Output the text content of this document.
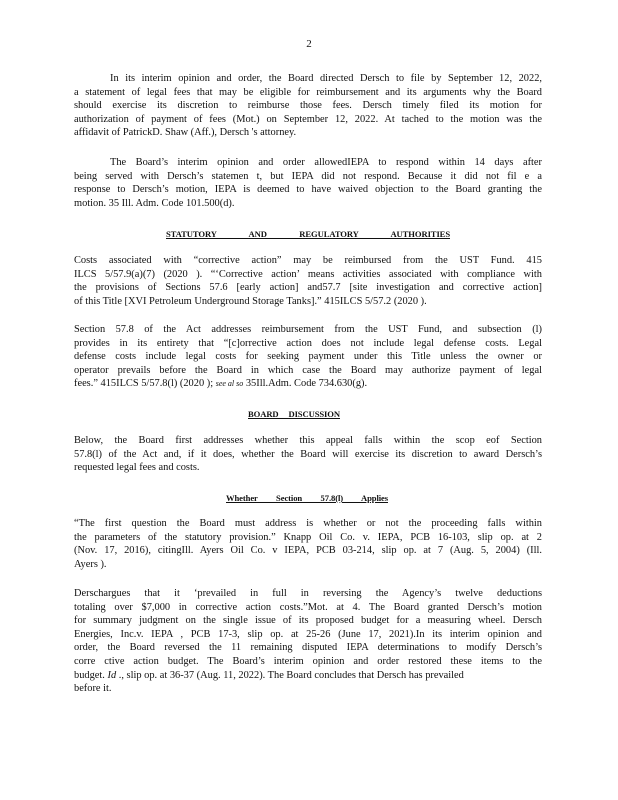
2
In its interim opinion and order, the Board directed Dersch to file by September 12, 2022,
a statement of legal fees that may be eligible for reimbursement and its arguments why the Board
should exercise its discretion to reimburse those fees. Dersch timely filed its motion for
authorization of payment of fees (Mot.) on September 12, 2022. At tached to the motion was the
affidavit of PatrickD. Shaw (Aff.), Dersch 's attorney.
The Board’s interim opinion and order allowedIEPA to respond within 14 days after
being served with Dersch’s statemen t, but IEPA did not respond. Because it did not fil e a
response to Dersch’s motion, IEPA is deemed to have waived objection to the Board granting the
motion. 35 Ill. Adm. Code 101.500(d).
STATUTORY AND REGULATORY AUTHORITIES
Costs associated with “corrective action” may be reimbursed from the UST Fund. 415
ILCS 5/57.9(a)(7) (2020 ). “‘Corrective action’ means activities associated with compliance with
the provisions of Sections 57.6 [early action] and57.7 [site investigation and corrective action]
of this Title [XVI Petroleum Underground Storage Tanks].” 415ILCS 5/57.2 (2020 ).
Section 57.8 of the Act addresses reimbursement from the UST Fund, and subsection (l)
provides in its entirety that “[c]orrective action does not include legal defense costs. Legal
defense costs include legal costs for seeking payment under this Title unless the owner or
operator prevails before the Board in which case the Board may authorize payment of legal
fees.” 415ILCS 5/57.8(l) (2020 ); see al so 35Ill.Adm. Code 734.630(g).
BOARD DISCUSSION
Below, the Board first addresses whether this appeal falls within the scop eof Section
57.8(l) of the Act and, if it does, whether the Board will exercise its discretion to award Dersch’s
requested legal fees and costs.
Whether Section 57.8(l) Applies
“The first question the Board must address is whether or not the proceeding falls within
the parameters of the statutory provision.” Knapp Oil Co. v. IEPA, PCB 16-103, slip op. at 2
(Nov. 17, 2016), citingIll. Ayers Oil Co. v IEPA, PCB 03-214, slip op. at 7 (Aug. 5, 2004) (Ill.
Ayers ).
Derschargues that it ‘prevailed in full in reversing the Agency’s twelve deductions
totaling over $7,000 in corrective action costs.”Mot. at 4. The Board granted Dersch’s motion
for summary judgment on the single issue of its proposed budget for a measuring wheel. Dersch
Energies, Inc.v. IEPA , PCB 17-3, slip op. at 25-26 (June 17, 2021).In its interim opinion and
order, the Board reversed the 11 remaining disputed IEPA determinations to modify Dersch’s
corre ctive action budget. The Board’s interim opinion and order restored these items to the
budget. Id ., slip op. at 36-37 (Aug. 11, 2022). The Board concludes that Dersch has prevailed
before it.
